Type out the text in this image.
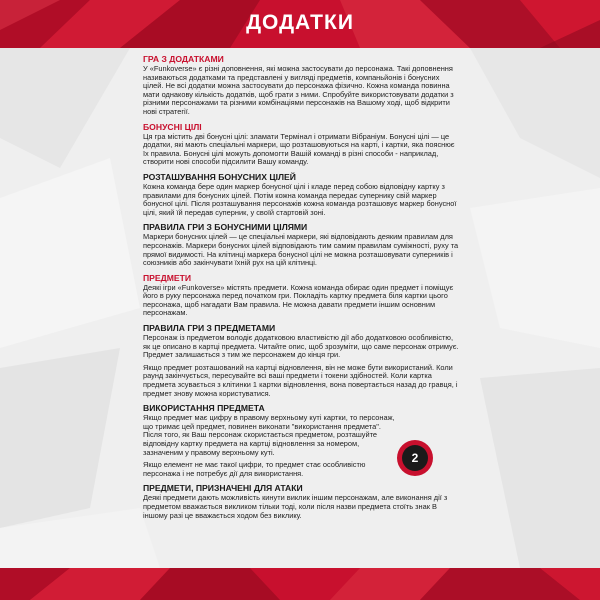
ДОДАТКИ
ГРА З ДОДАТКАМИ
У «Funkoverse» є різні доповнення, які можна застосувати до персонажа. Такі доповнення називаються додатками та представлені у вигляді предметів, компаньйонів і бонусних цілей. Не всі додатки можна застосувати до персонажа фізично. Кожна команда повинна мати однакову кількість додатків, щоб грати з ними. Спробуйте використовувати додатки з різними персонажами та різними комбінаціями персонажів на Вашому ході, щоб відкрити нові стратегії.
БОНУСНІ ЦІЛІ
Ця гра містить дві бонусні цілі: зламати Термінал і отримати Вібраніум. Бонусні цілі — це додатки, які мають спеціальні маркери, що розташовуються на карті, і картки, яка пояснює їх правила. Бонусні цілі можуть допомогти Вашій команді в різні способи - наприклад, створити нові способи підсилити Вашу команду.
РОЗТАШУВАННЯ БОНУСНИХ ЦІЛЕЙ
Кожна команда бере один маркер бонусної цілі і кладе перед собою відповідну картку з правилами для бонусних цілей. Потім кожна команда передає супернику свій маркер бонусної цілі. Після розташування персонажів кожна команда розташовує маркер бонусної цілі, який їй передав суперник, у своїй стартовій зоні.
ПРАВИЛА ГРИ З БОНУСНИМИ ЦІЛЯМИ
Маркери бонусних цілей — це спеціальні маркери, які відповідають деяким правилам для персонажів. Маркери бонусних цілей відповідають тим самим правилам суміжності, руху та прямої видимості. На клітинці маркера бонусної цілі не можна розташовувати суперників і союзників або закінчувати їхній рух на цій клітинці.
ПРЕДМЕТИ
Деякі ігри «Funkoverse» містять предмети. Кожна команда обирає один предмет і поміщує його в руку персонажа перед початком гри. Покладіть картку предмета біля картки цього персонажа, щоб нагадати Вам правила. Не можна давати предмети іншим основним персонажам.
ПРАВИЛА ГРИ З ПРЕДМЕТАМИ
Персонаж із предметом володіє додатковою властивістю дії або додатковою особливістю, як це описано в картці предмета. Читайте опис, щоб зрозуміти, що саме персонаж отримує. Предмет залишається з тим же персонажем до кінця гри.
Якщо предмет розташований на картці відновлення, він не може бути використаний. Коли раунд закінчується, пересувайте всі ваші предмети і токени здібностей. Коли картка предмета зсувається з клітинки 1 картки відновлення, вона повертається назад до гравця, і предмет знову можна користуватися.
ВИКОРИСТАННЯ ПРЕДМЕТА
Якщо предмет має цифру в правому верхньому куті картки, то персонаж, що тримає цей предмет, повинен виконати "використання предмета". Після того, як Ваш персонаж скористається предметом, розташуйте відповідну картку предмета на картці відновлення за номером, зазначеним у правому верхньому куті.
Якщо елемент не має такої цифри, то предмет стає особливістю персонажа і не потребує дії для використання.
ПРЕДМЕТИ, ПРИЗНАЧЕНІ ДЛЯ АТАКИ
Деякі предмети дають можливість кинути виклик іншим персонажам, але виконання дії з предметом вважається викликом тільки тоді, коли після назви предмета стоїть знак В іншому разі це вважається ходом без виклику.
2
